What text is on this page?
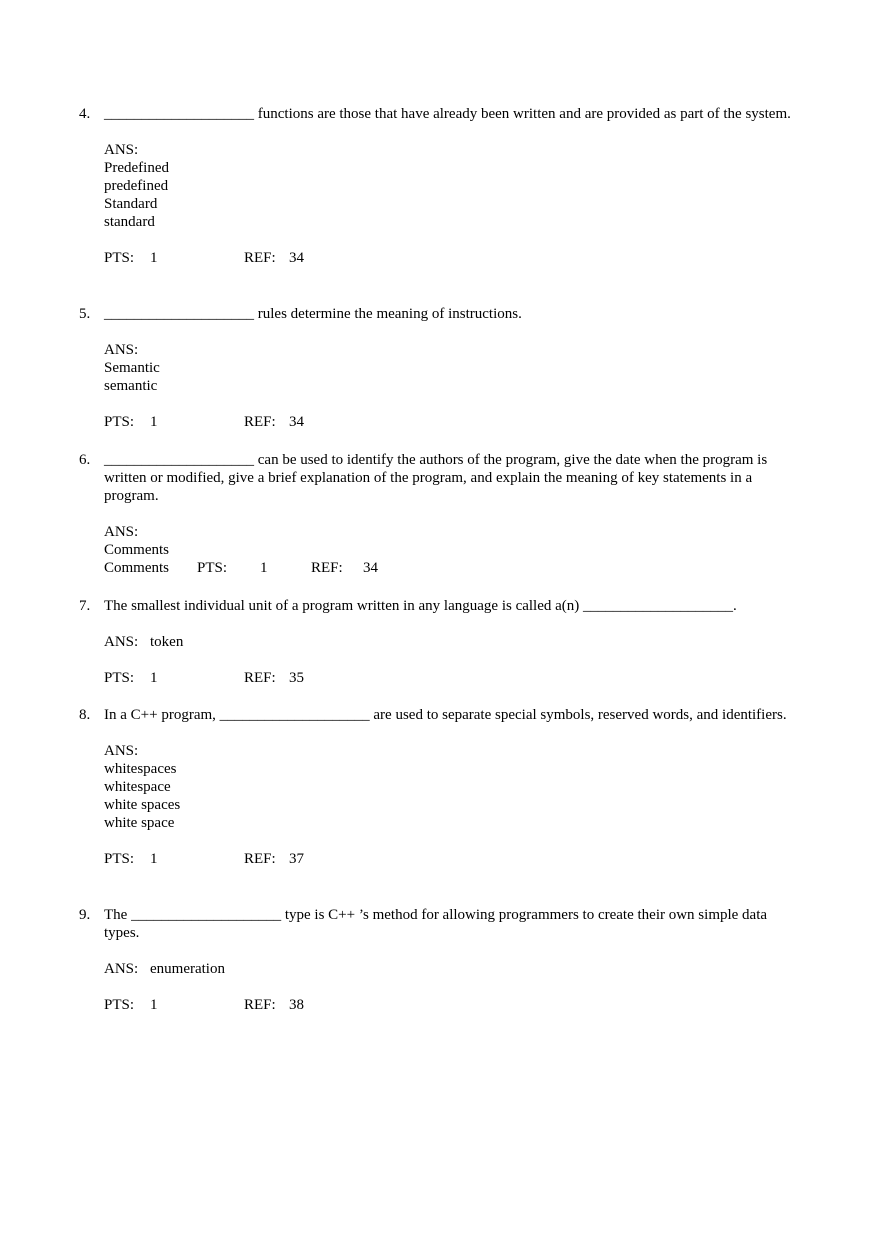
4. ____________________ functions are those that have already been written and are provided as part of the system.
ANS:
Predefined
predefined
Standard
standard
PTS: 1	REF: 34
5. ____________________ rules determine the meaning of instructions.
ANS:
Semantic
semantic
PTS: 1	REF: 34
6. ____________________ can be used to identify the authors of the program, give the date when the program is written or modified, give a brief explanation of the program, and explain the meaning of key statements in a program.
ANS:
Comments
Comments PTS: 1	REF: 34
7. The smallest individual unit of a program written in any language is called a(n) ____________________.
ANS: token
PTS: 1	REF: 35
8. In a C++ program, ____________________ are used to separate special symbols, reserved words, and identifiers.
ANS:
whitespaces
whitespace
white spaces
white space
PTS: 1	REF: 37
9. The ____________________ type is C++ ’s method for allowing programmers to create their own simple data types.
ANS: enumeration
PTS: 1	REF: 38
